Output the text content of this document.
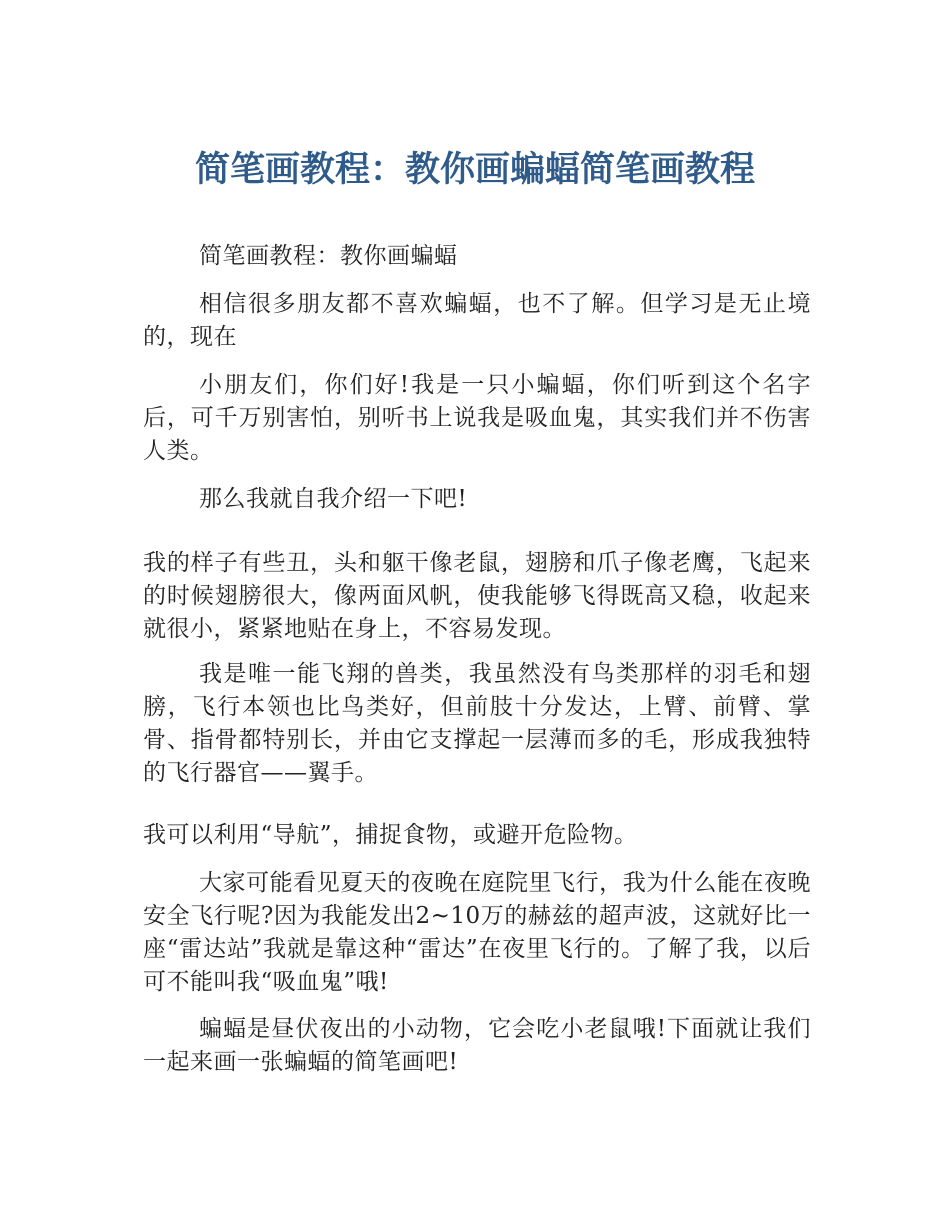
简笔画教程：教你画蝙蝠简笔画教程

简笔画教程：教你画蝙蝠

相信很多朋友都不喜欢蝙蝠，也不了解。但学习是无止境的，现在

小朋友们，你们好!我是一只小蝙蝠，你们听到这个名字后，可千万别害怕，别听书上说我是吸血鬼，其实我们并不伤害人类。

那么我就自我介绍一下吧!

我的样子有些丑，头和躯干像老鼠，翅膀和爪子像老鹰，飞起来的时候翅膀很大，像两面风帆，使我能够飞得既高又稳，收起来就很小，紧紧地贴在身上，不容易发现。

我是唯一能飞翔的兽类，我虽然没有鸟类那样的羽毛和翅膀，飞行本领也比鸟类好，但前肢十分发达，上臂、前臂、掌骨、指骨都特别长，并由它支撑起一层薄而多的毛，形成我独特的飞行器官——翼手。

我可以利用“导航”，捕捉食物，或避开危险物。

大家可能看见夏天的夜晚在庭院里飞行，我为什么能在夜晚安全飞行呢?因为我能发出2~10万的赫兹的超声波，这就好比一座“雷达站”我就是靠这种“雷达”在夜里飞行的。了解了我，以后可不能叫我“吸血鬼”哦!

蝙蝠是昼伏夜出的小动物，它会吃小老鼠哦!下面就让我们一起来画一张蝙蝠的简笔画吧!
